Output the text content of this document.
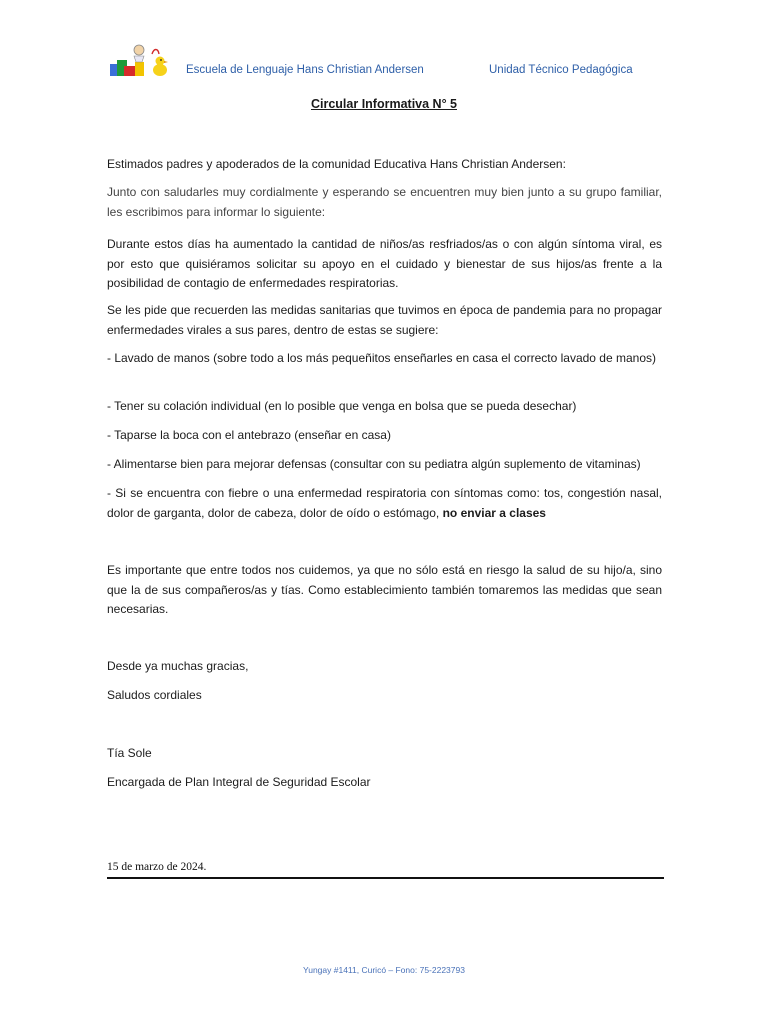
Escuela de Lenguaje Hans Christian Andersen	Unidad Técnico Pedagógica
Circular Informativa N° 5
Estimados padres y apoderados de la comunidad Educativa Hans Christian Andersen:
Junto con saludarles muy cordialmente y esperando se encuentren muy bien junto a su grupo familiar, les escribimos para informar lo siguiente:
Durante estos días ha aumentado la cantidad de niños/as resfriados/as o con algún síntoma viral, es por esto que quisiéramos solicitar su apoyo en el cuidado y bienestar de sus hijos/as frente a la posibilidad de contagio de enfermedades respiratorias.
Se les pide que recuerden las medidas sanitarias que tuvimos en época de pandemia para no propagar enfermedades virales a sus pares, dentro de estas se sugiere:
- Lavado de manos (sobre todo a los más pequeñitos enseñarles en casa el correcto lavado de manos)
- Tener su colación individual (en lo posible que venga en bolsa que se pueda desechar)
- Taparse la boca con el antebrazo (enseñar en casa)
- Alimentarse bien para mejorar defensas (consultar con su pediatra algún suplemento de vitaminas)
- Si se encuentra con fiebre o una enfermedad respiratoria con síntomas como: tos, congestión nasal, dolor de garganta, dolor de cabeza, dolor de oído o estómago, no enviar a clases
Es importante que entre todos nos cuidemos, ya que no sólo está en riesgo la salud de su hijo/a, sino que la de sus compañeros/as y tías. Como establecimiento también tomaremos las medidas que sean necesarias.
Desde ya muchas gracias,
Saludos cordiales
Tía Sole
Encargada de Plan Integral de Seguridad Escolar
15 de marzo de 2024.
Yungay #1411, Curicó – Fono: 75-2223793
